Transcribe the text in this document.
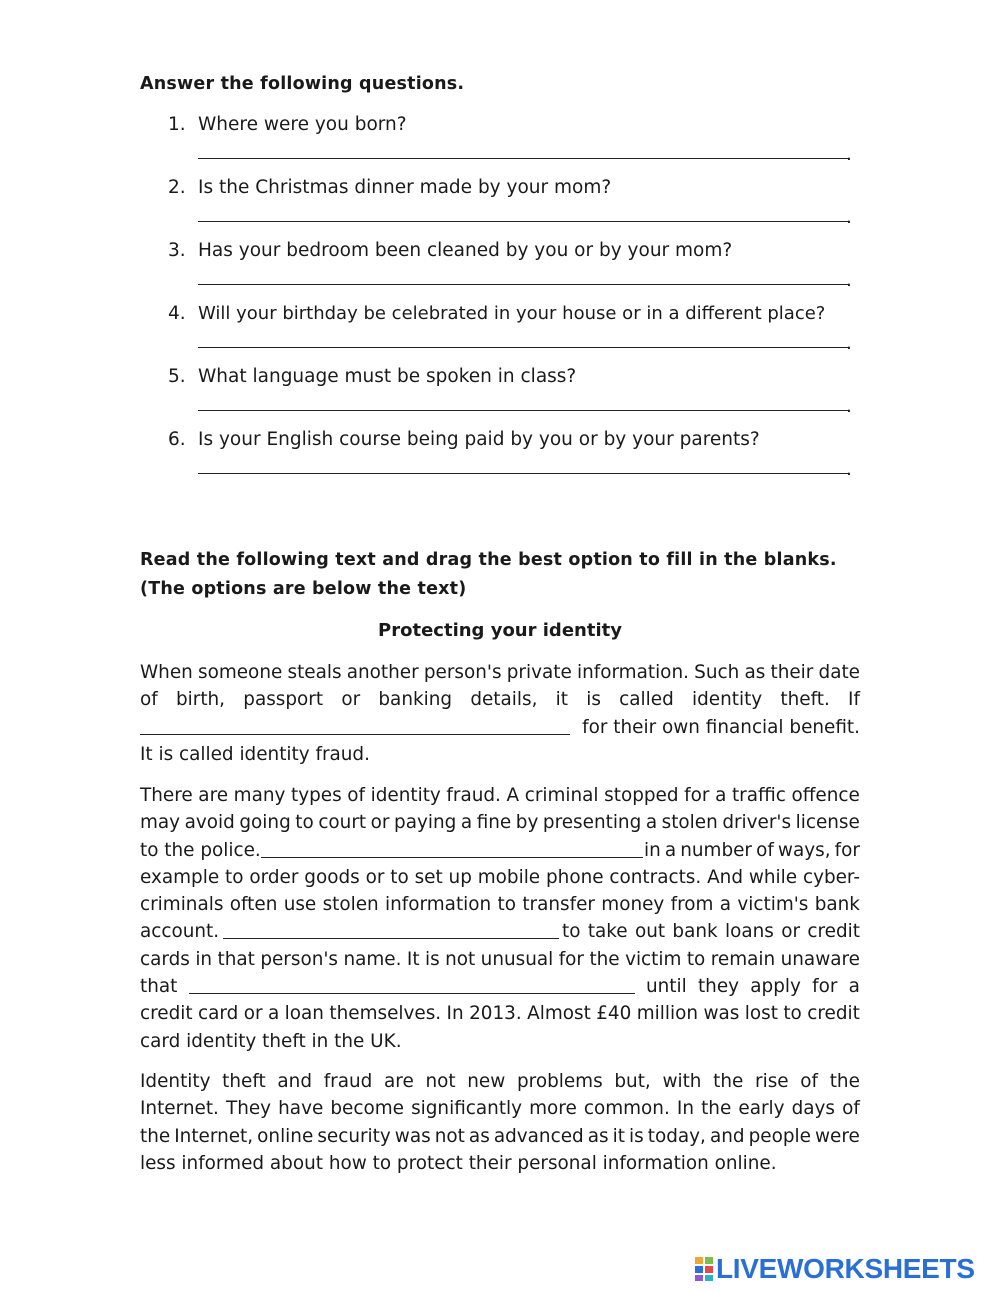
Answer the following questions.
1. Where were you born?
.
2. Is the Christmas dinner made by your mom?
.
3. Has your bedroom been cleaned by you or by your mom?
.
4. Will your birthday be celebrated in your house or in a different place?
.
5. What language must be spoken in class?
.
6. Is your English course being paid by you or by your parents?
.
Read the following text and drag the best option to fill in the blanks.
(The options are below the text)
Protecting your identity
When someone steals another person's private information. Such as their date
of birth, passport or banking details, it is called identity theft. If
for their own financial benefit.
It is called identity fraud.
There are many types of identity fraud. A criminal stopped for a traffic offence
may avoid going to court or paying a fine by presenting a stolen driver's license
to the police.	in a number of ways, for
example to order goods or to set up mobile phone contracts. And while cyber-
criminals often use stolen information to transfer money from a victim's bank
account.	to take out bank loans or credit
cards in that person's name. It is not unusual for the victim to remain unaware
that	until they apply for a
credit card or a loan themselves. In 2013. Almost £40 million was lost to credit
card identity theft in the UK.
Identity theft and fraud are not new problems but, with the rise of the
Internet. They have become significantly more common. In the early days of
the Internet, online security was not as advanced as it is today, and people were
less informed about how to protect their personal information online.
LIVEWORKSHEETS
